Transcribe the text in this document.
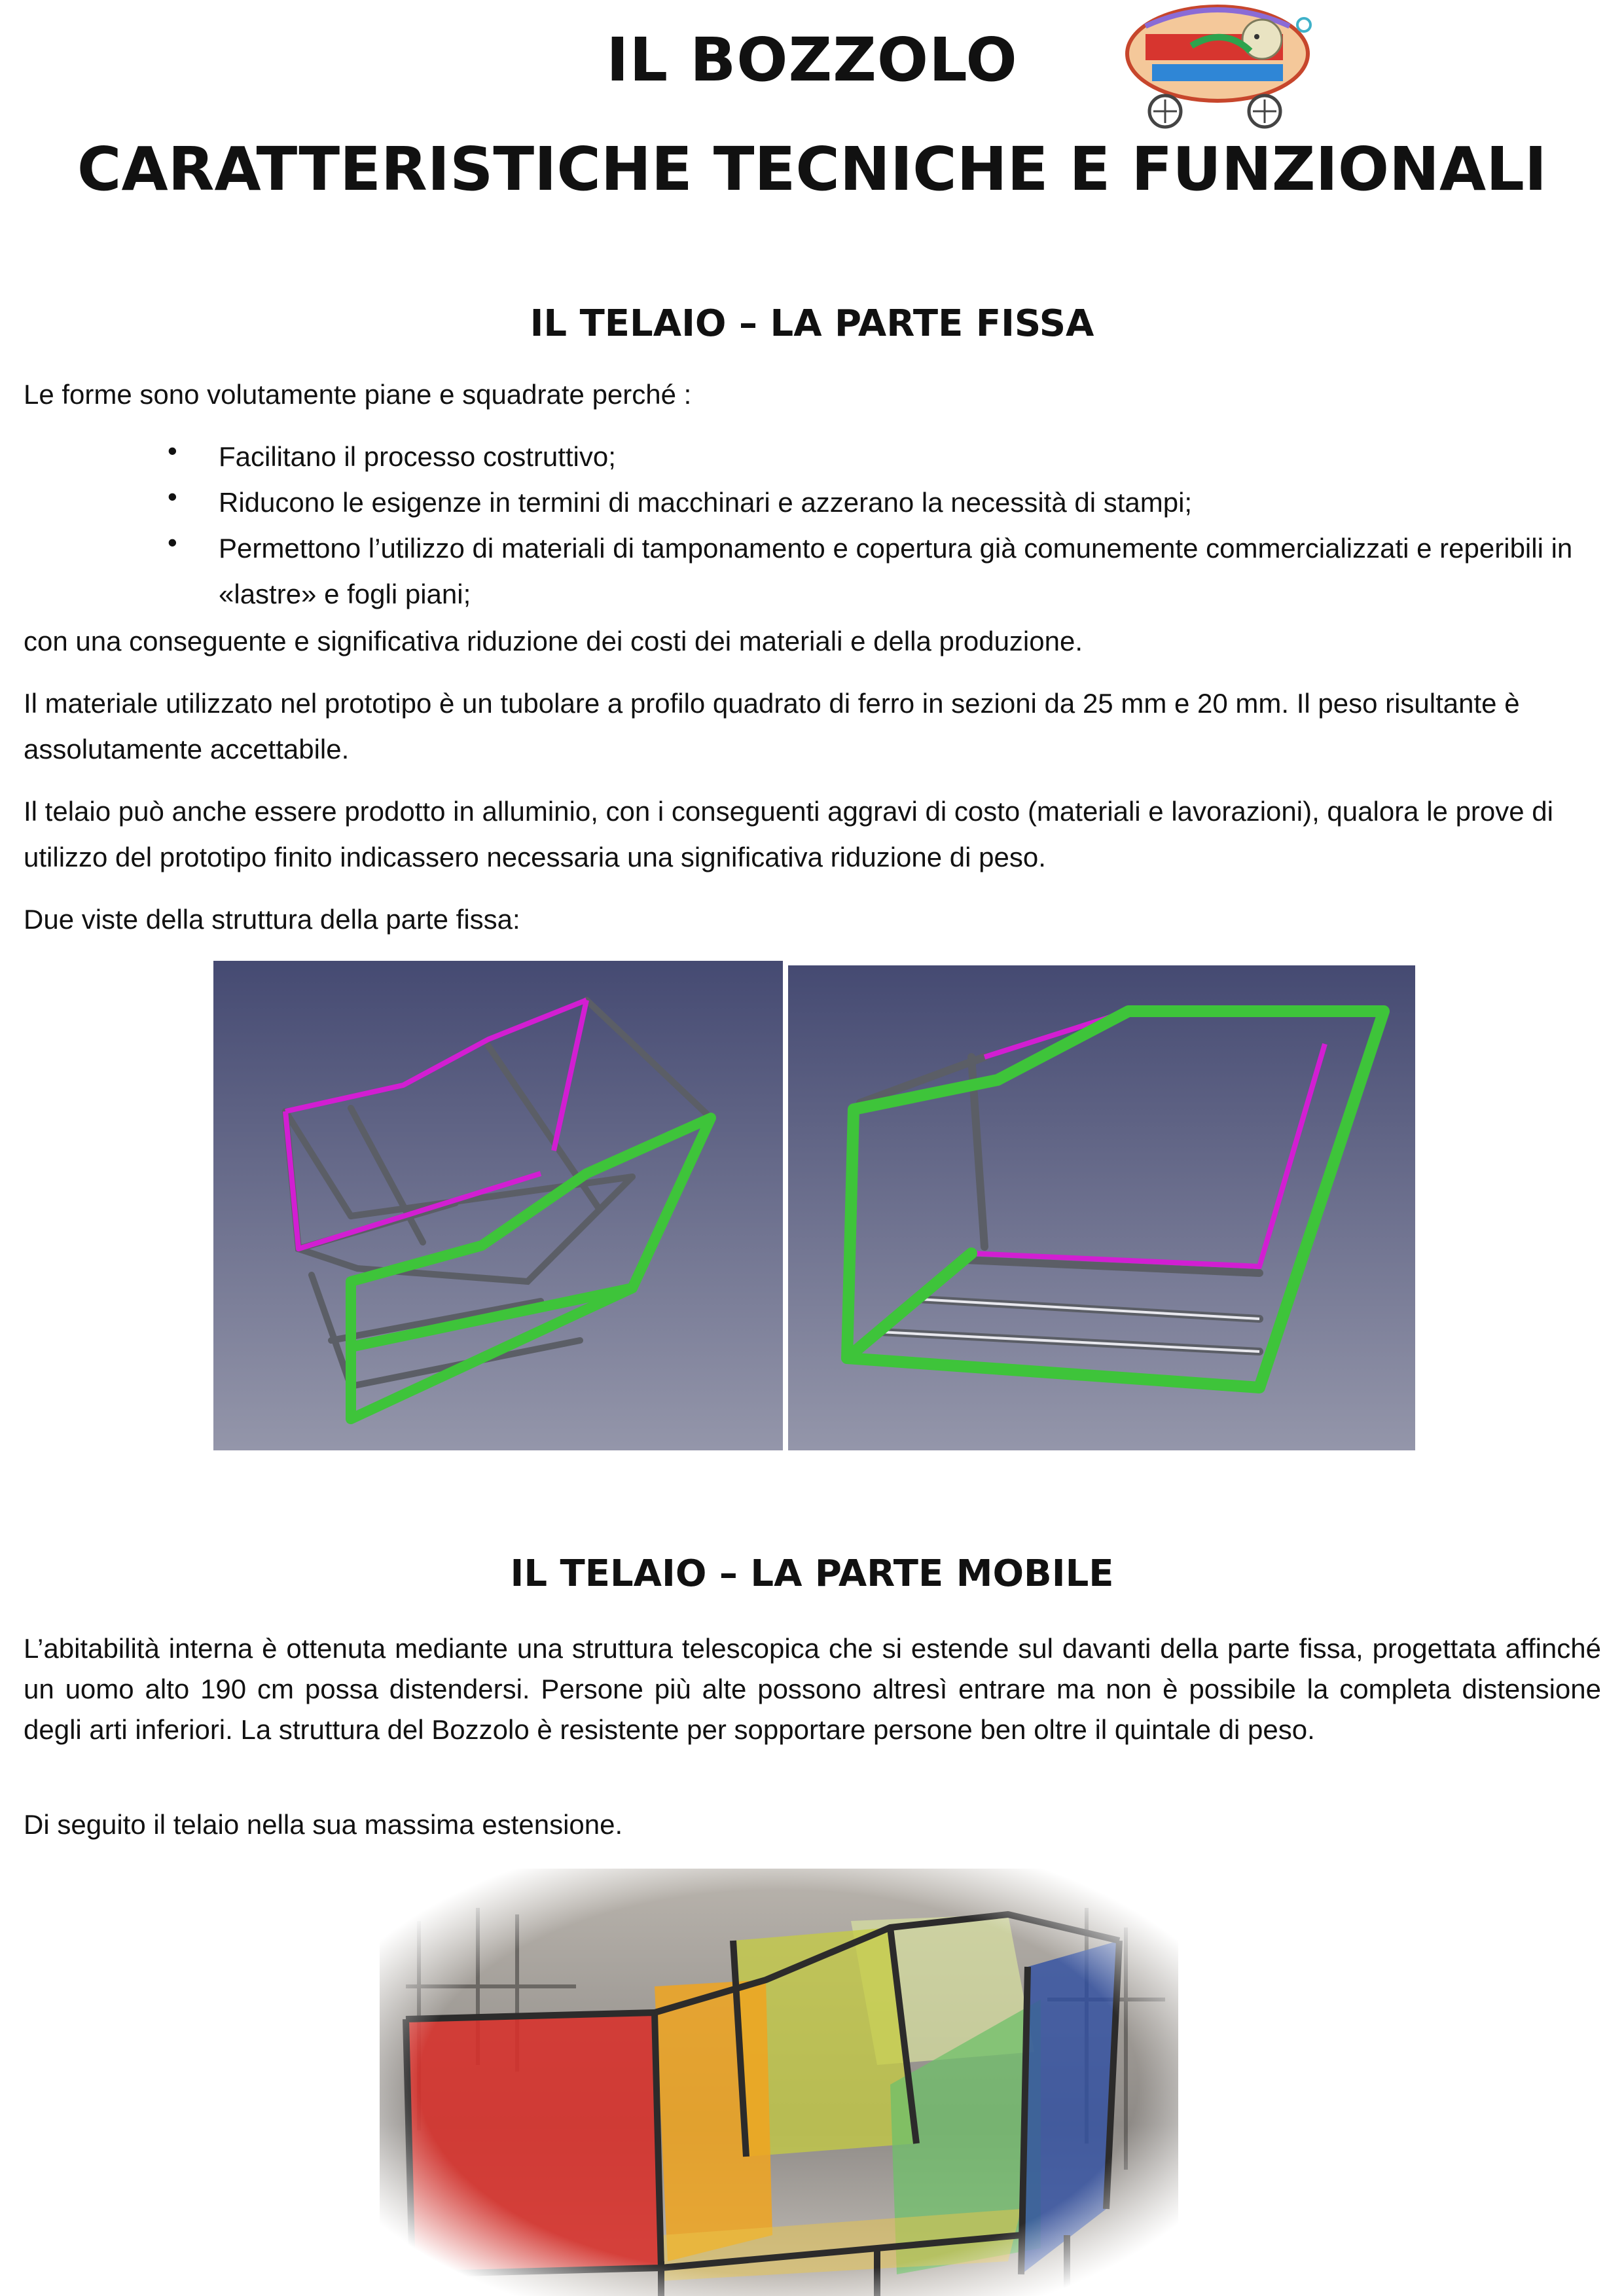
IL BOZZOLO
CARATTERISTICHE TECNICHE E FUNZIONALI
IL TELAIO – LA PARTE FISSA
Le forme sono volutamente piane e squadrate perché :
• Facilitano il processo costruttivo;
• Riducono le esigenze in termini di macchinari e azzerano la necessità di stampi;
• Permettono l’utilizzo di materiali di tamponamento e copertura già comunemente commercializzati e reperibili in «lastre» e fogli piani;
con una conseguente e significativa riduzione dei costi dei materiali e della produzione.
Il materiale utilizzato nel prototipo è un tubolare a profilo quadrato di ferro in sezioni da 25 mm e 20 mm. Il peso risultante è assolutamente accettabile.
Il telaio può anche essere prodotto in alluminio, con i conseguenti aggravi di costo (materiali e lavorazioni), qualora le prove di utilizzo del prototipo finito indicassero necessaria una significativa riduzione di peso.
Due viste della struttura della parte fissa:
IL TELAIO – LA PARTE MOBILE
L’abitabilità interna è ottenuta mediante una struttura telescopica che si estende sul davanti della parte fissa, progettata affinché un uomo alto 190 cm possa distendersi. Persone più alte possono altresì entrare ma non è possibile la completa distensione degli arti inferiori. La struttura del Bozzolo è resistente per sopportare persone ben oltre il quintale di peso.
Di seguito il telaio nella sua massima estensione.
